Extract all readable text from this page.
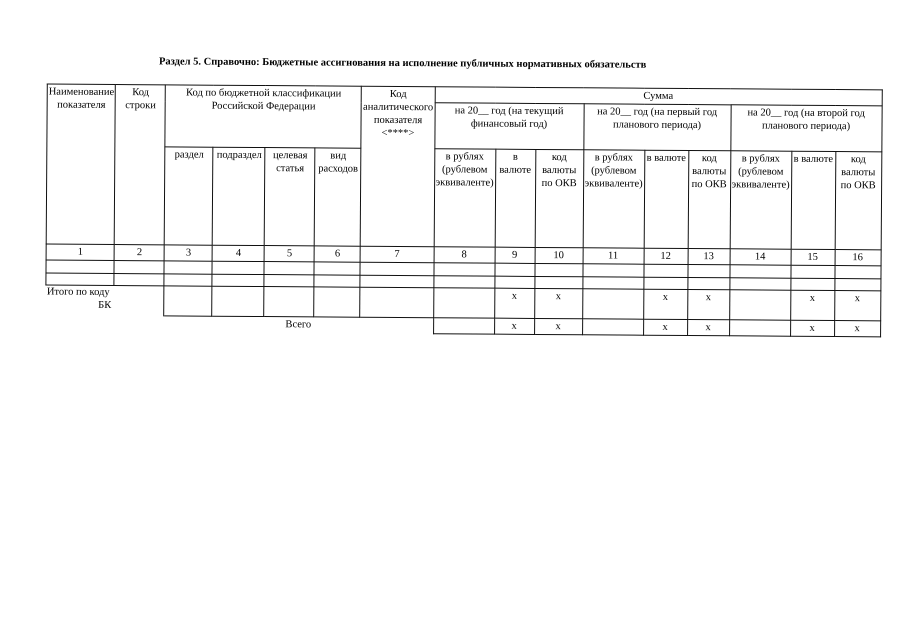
Раздел 5. Справочно: Бюджетные ассигнования на исполнение публичных нормативных обязательств
Наименование показателя	Код строки	Код по бюджетной классификации Российской Федерации				Код аналитического показателя <****>	Сумма								
							на 20__ год (на текущий финансовый год)			на 20__ год (на первый год планового периода)			на 20__ год (на второй год планового периода)		
		раздел	подраздел	целевая статья	вид расходов		в рублях (рублевом эквиваленте)	в валюте	код валюты по ОКВ	в рублях (рублевом эквиваленте)	в валюте	код валюты по ОКВ	в рублях (рублевом эквиваленте)	в валюте	код валюты по ОКВ
1	2	3	4	5	6	7	8	9	10	11	12	13	14	15	16

Итого по коду
БК								x	x		x	x		x	x
		Всего						x	x		x	x		x	x
